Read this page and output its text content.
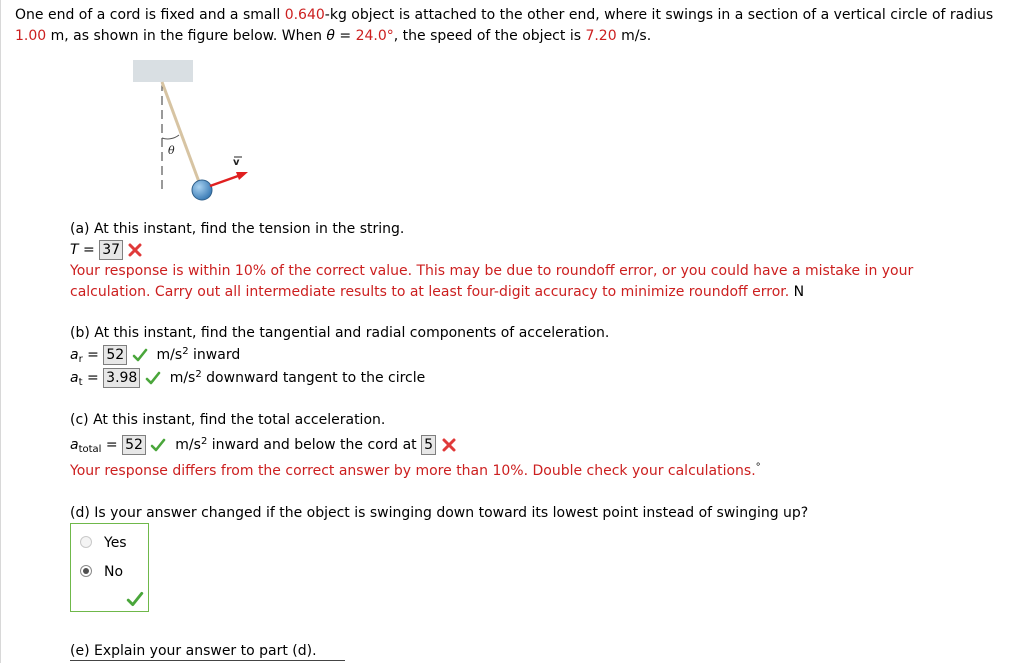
One end of a cord is fixed and a small 0.640-kg object is attached to the other end, where it swings in a section of a vertical circle of radius 1.00 m, as shown in the figure below. When θ = 24.0°, the speed of the object is 7.20 m/s.
θ
v
(a) At this instant, find the tension in the string.
T = 37
Your response is within 10% of the correct value. This may be due to roundoff error, or you could have a mistake in your
calculation. Carry out all intermediate results to at least four-digit accuracy to minimize roundoff error. N
(b) At this instant, find the tangential and radial components of acceleration.
$a_r = 52$ $m/s^2$ inward
$a_t = 3.98$ $m/s^2$ downward tangent to the circle
(c) At this instant, find the total acceleration.
$a_{total} = 52$ $m/s^2$ inward and below the cord at 5
Your response differs from the correct answer by more than 10%. Double check your calculations.°
(d) Is your answer changed if the object is swinging down toward its lowest point instead of swinging up?
Yes
No
(e) Explain your answer to part (d).
